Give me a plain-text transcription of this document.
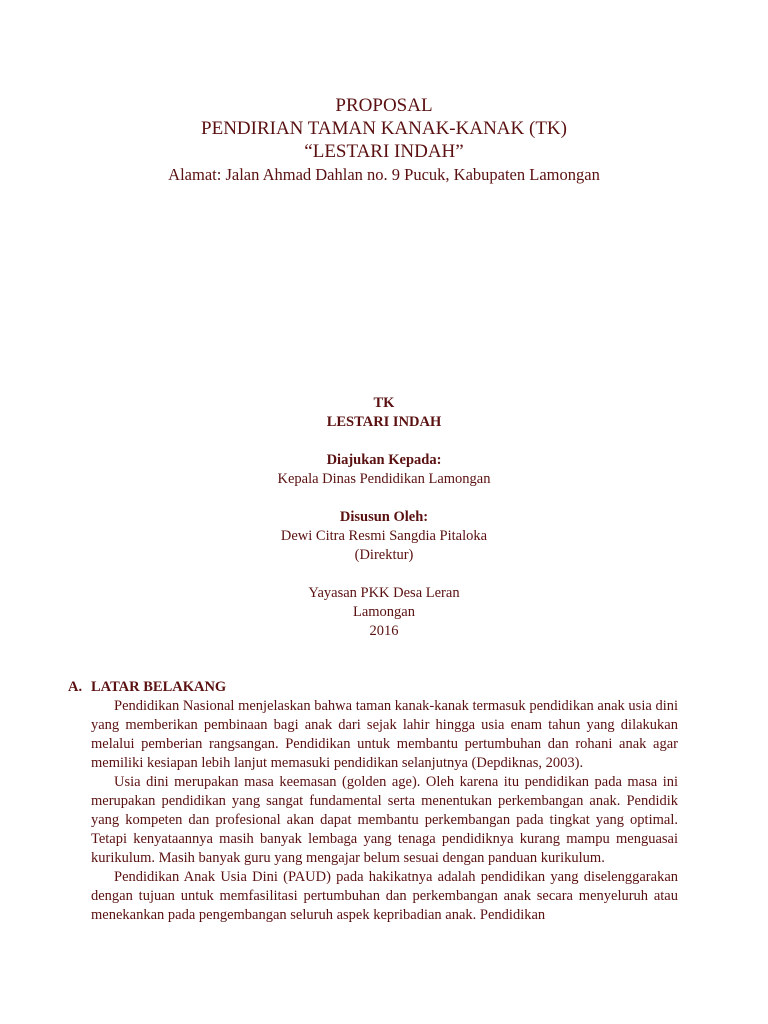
PROPOSAL

PENDIRIAN TAMAN KANAK-KANAK (TK)

“LESTARI INDAH”

Alamat: Jalan Ahmad Dahlan no. 9 Pucuk, Kabupaten Lamongan

TK

LESTARI INDAH

Diajukan Kepada:

Kepala Dinas Pendidikan Lamongan

Disusun Oleh:

Dewi Citra Resmi Sangdia Pitaloka

(Direktur)

Yayasan PKK Desa Leran

Lamongan

2016

A. LATAR BELAKANG

Pendidikan Nasional menjelaskan bahwa taman kanak-kanak termasuk pendidikan anak usia dini yang memberikan pembinaan bagi anak dari sejak lahir hingga usia enam tahun yang dilakukan melalui pemberian rangsangan. Pendidikan untuk membantu pertumbuhan dan rohani anak agar memiliki kesiapan lebih lanjut memasuki pendidikan selanjutnya (Depdiknas, 2003).

Usia dini merupakan masa keemasan (golden age). Oleh karena itu pendidikan pada masa ini merupakan pendidikan yang sangat fundamental serta menentukan perkembangan anak. Pendidik yang kompeten dan profesional akan dapat membantu perkembangan pada tingkat yang optimal. Tetapi kenyataannya masih banyak lembaga yang tenaga pendidiknya kurang mampu menguasai kurikulum. Masih banyak guru yang mengajar belum sesuai dengan panduan kurikulum.

Pendidikan Anak Usia Dini (PAUD) pada hakikatnya adalah pendidikan yang diselenggarakan dengan tujuan untuk memfasilitasi pertumbuhan dan perkembangan anak secara menyeluruh atau menekankan pada pengembangan seluruh aspek kepribadian anak. Pendidikan
